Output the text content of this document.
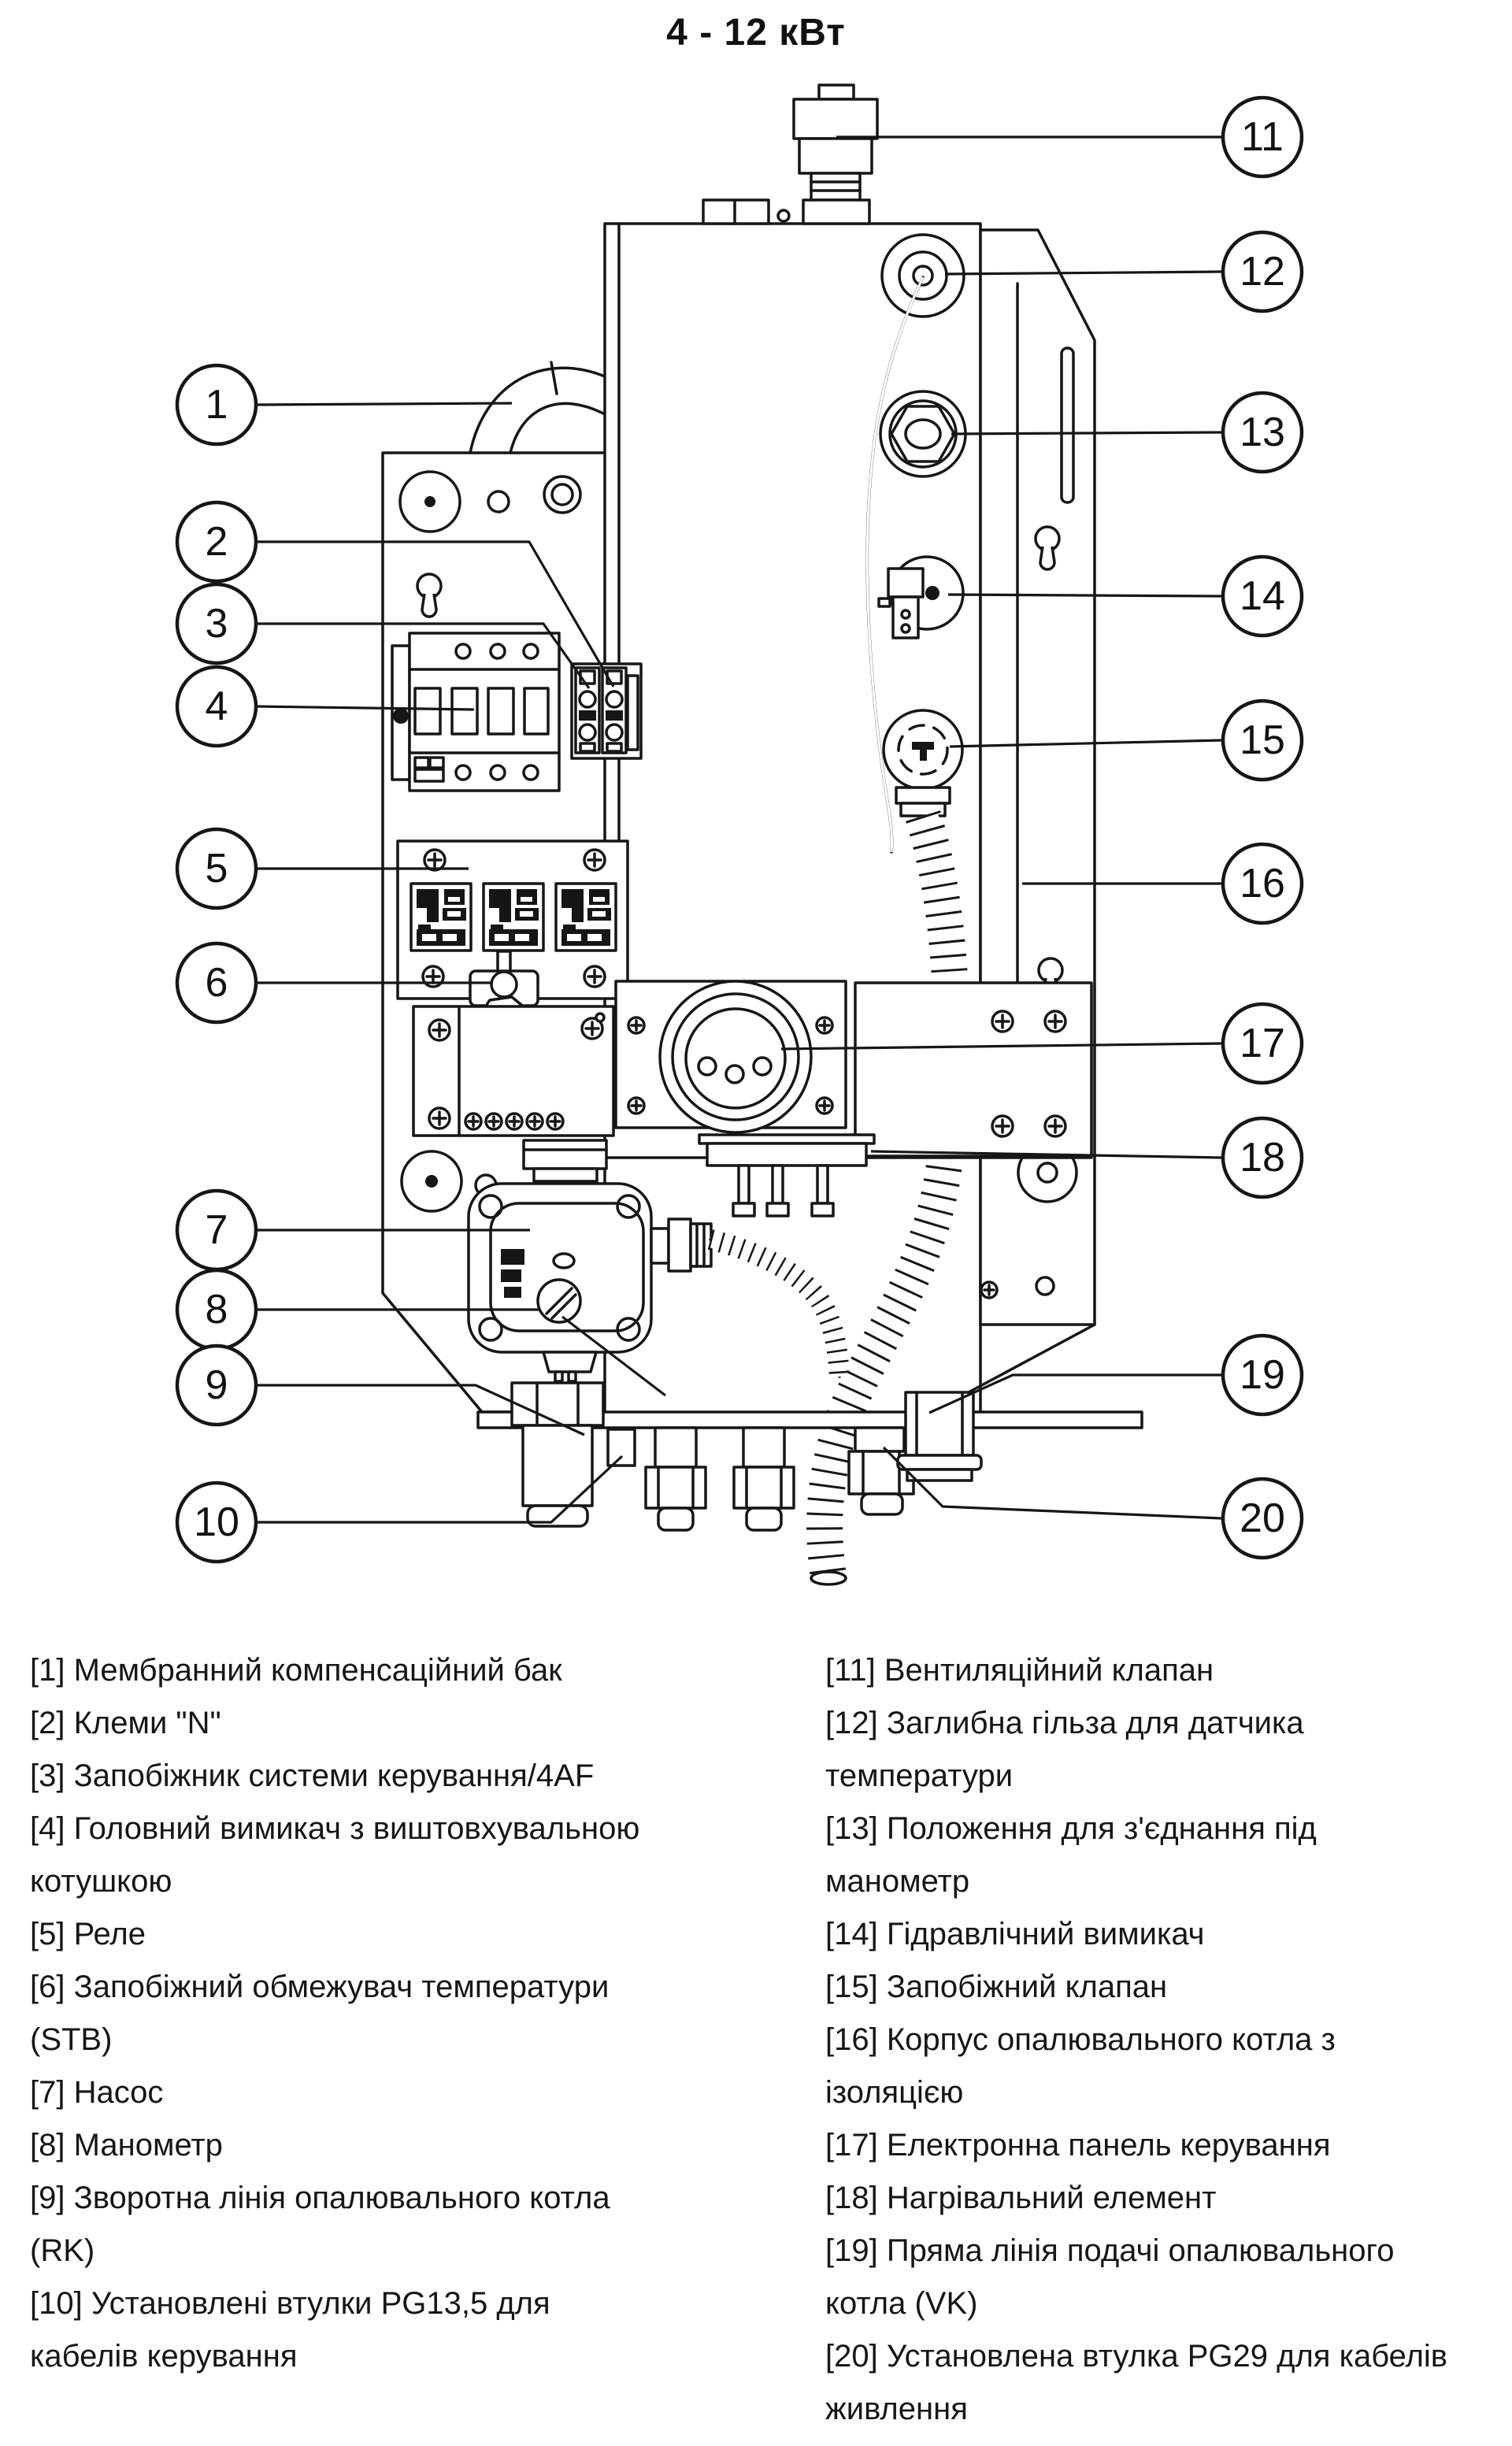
4 - 12 кВт
1
2
3
4
5
6
7
8
9
10
11
12
13
14
15
16
17
18
19
20

[1] Мембранний компенсаційний бак

[2] Клеми "N"

[3] Запобіжник системи керування/4AF

[4] Головний вимикач з виштовхувальною котушкою

[5] Реле

[6] Запобіжний обмежувач температури (STB)

[7] Насос

[8] Манометр

[9] Зворотна лінія опалювального котла (RK)

[10] Установлені втулки PG13,5 для кабелів керування

[11] Вентиляційний клапан

[12] Заглибна гільза для датчика температури

[13] Положення для з'єднання під манометр

[14] Гідравлічний вимикач

[15] Запобіжний клапан

[16] Корпус опалювального котла з ізоляцією

[17] Електронна панель керування

[18] Нагрівальний елемент

[19] Пряма лінія подачі опалювального котла (VK)

[20] Установлена втулка PG29 для кабелів живлення
